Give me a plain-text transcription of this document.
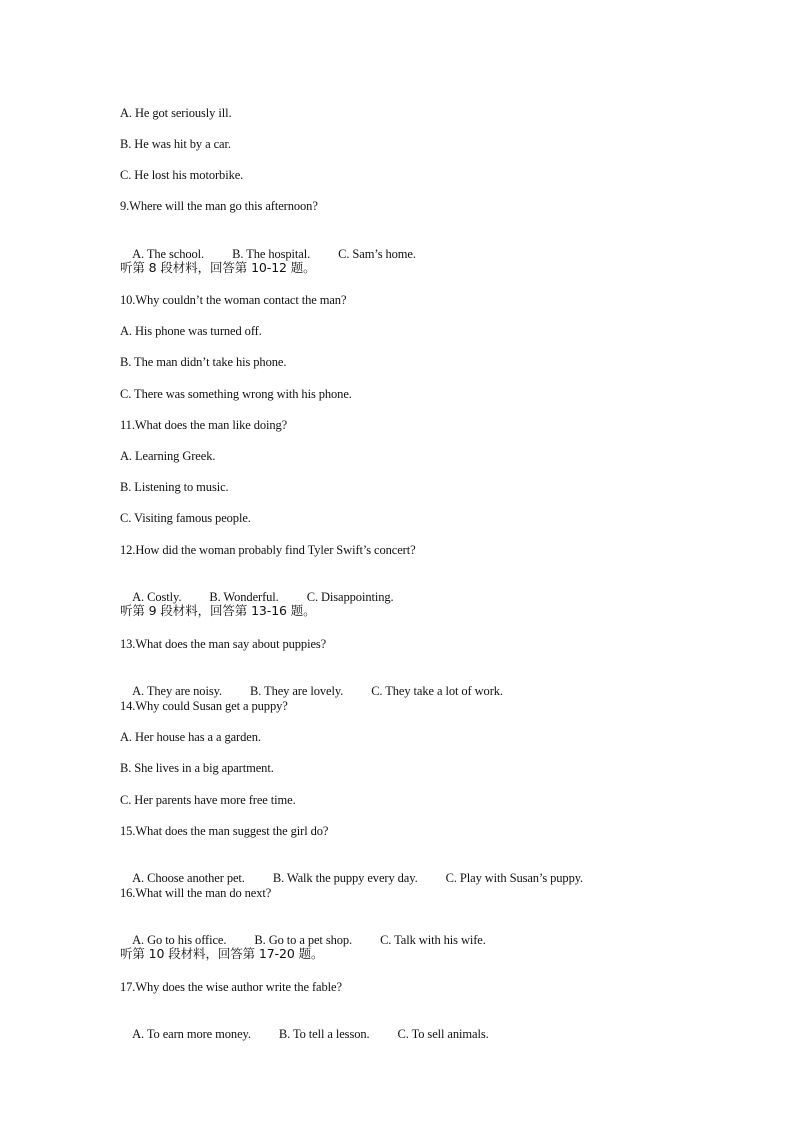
A. He got seriously ill.
B. He was hit by a car.
C. He lost his motorbike.
9.Where will the man go this afternoon?

A. The school. B. The hospital. C. Sam’s home.

听第 8 段材料，回答第 10-12 题。
10.Why couldn’t the woman contact the man?
A. His phone was turned off.
B. The man didn’t take his phone.
C. There was something wrong with his phone.
11.What does the man like doing?
A. Learning Greek.
B. Listening to music.
C. Visiting famous people.
12.How did the woman probably find Tyler Swift’s concert?

A. Costly. B. Wonderful. C. Disappointing.

听第 9 段材料，回答第 13-16 题。
13.What does the man say about puppies?

A. They are noisy. B. They are lovely. C. They take a lot of work.

14.Why could Susan get a puppy?
A. Her house has a a garden.
B. She lives in a big apartment.
C. Her parents have more free time.
15.What does the man suggest the girl do?

A. Choose another pet. B. Walk the puppy every day. C. Play with Susan’s puppy.

16.What will the man do next?

A. Go to his office. B. Go to a pet shop. C. Talk with his wife.

听第 10 段材料，回答第 17-20 题。
17.Why does the wise author write the fable?

A. To earn more money. B. To tell a lesson. C. To sell animals.
